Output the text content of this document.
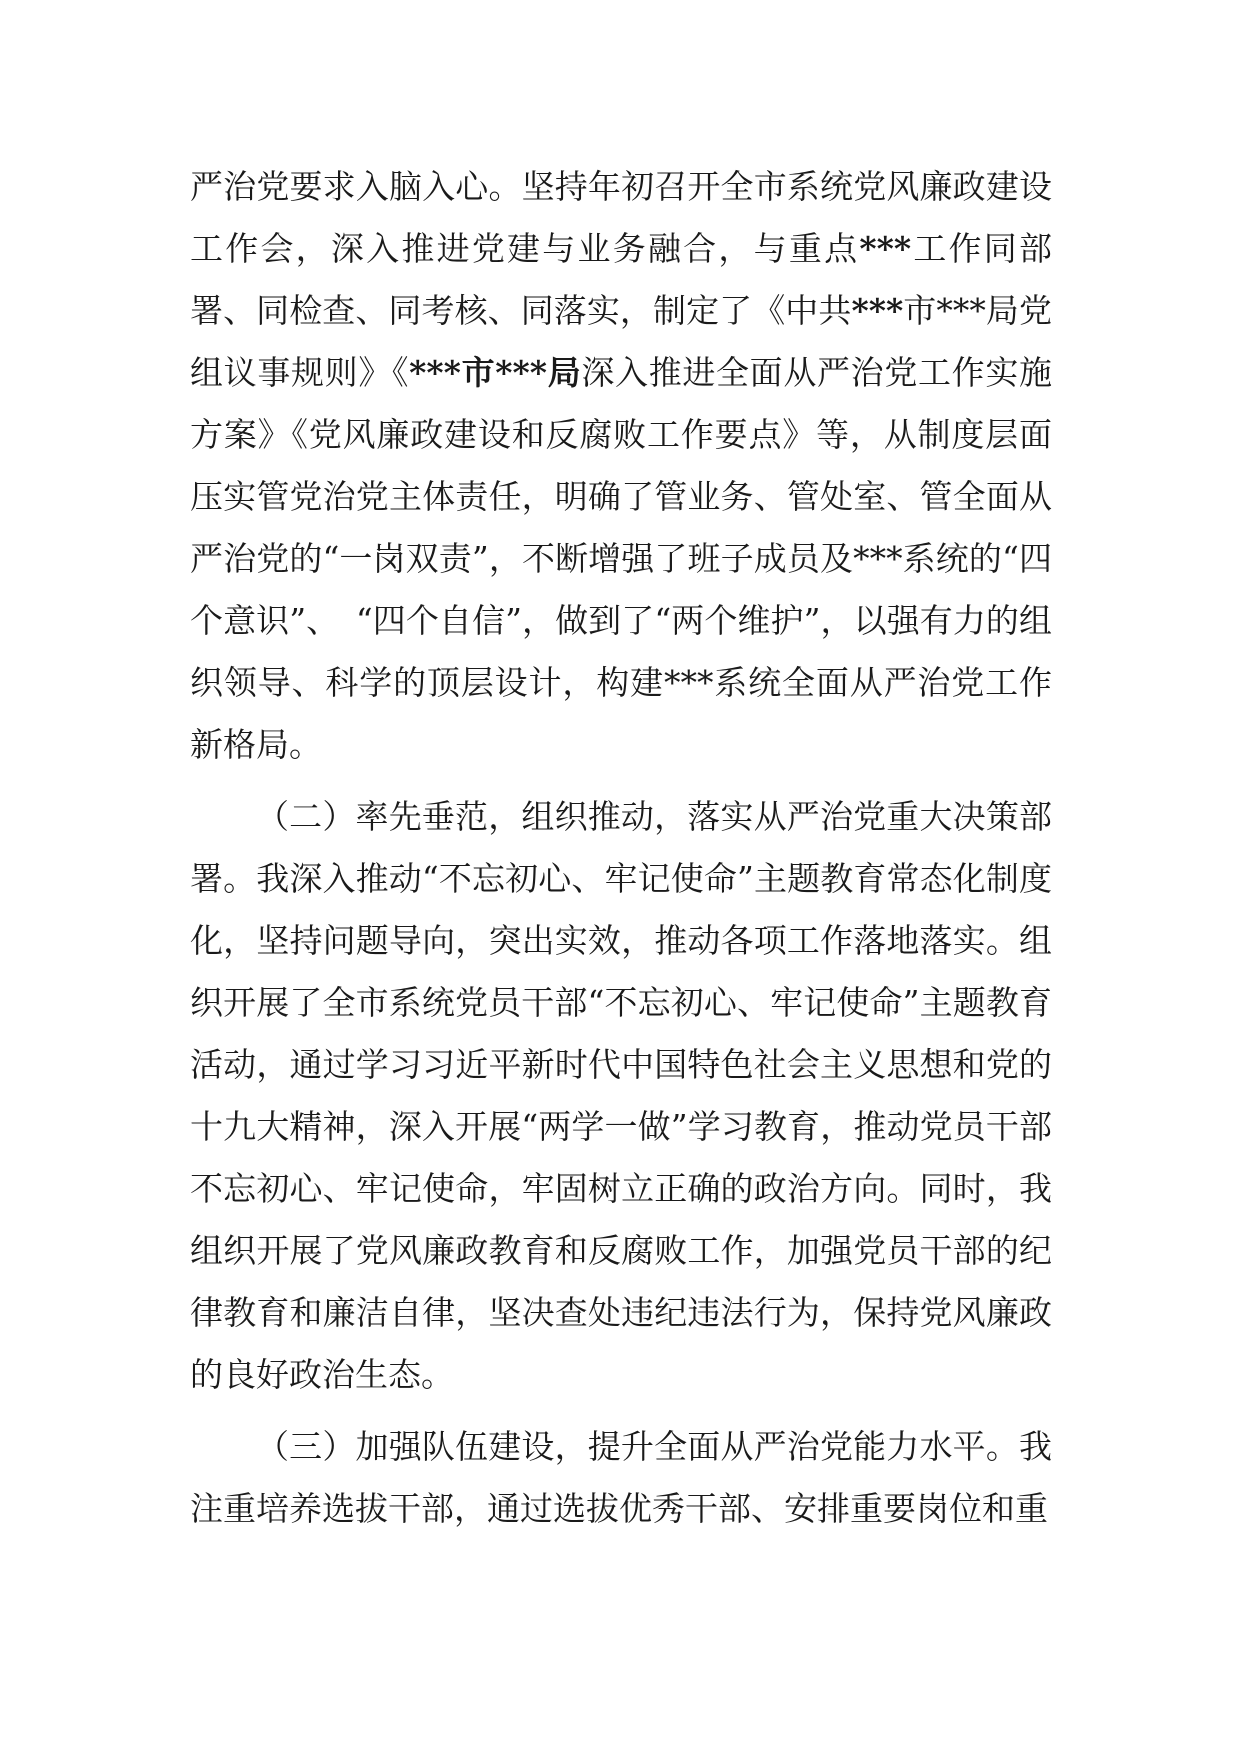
严治党要求入脑入心。坚持年初召开全市系统党风廉政建设工作会，深入推进党建与业务融合，与重点***工作同部署、同检查、同考核、同落实，制定了《中共***市***局党组议事规则》《***市***局深入推进全面从严治党工作实施方案》《党风廉政建设和反腐败工作要点》等，从制度层面压实管党治党主体责任，明确了管业务、管处室、管全面从严治党的“一岗双责”，不断增强了班子成员及***系统的“四个意识”、　“四个自信”，做到了“两个维护”，以强有力的组织领导、科学的顶层设计，构建***系统全面从严治党工作新格局。

（二）率先垂范，组织推动，落实从严治党重大决策部署。我深入推动“不忘初心、牢记使命”主题教育常态化制度化，坚持问题导向，突出实效，推动各项工作落地落实。组织开展了全市系统党员干部“不忘初心、牢记使命”主题教育活动，通过学习习近平新时代中国特色社会主义思想和党的十九大精神，深入开展“两学一做”学习教育，推动党员干部不忘初心、牢记使命，牢固树立正确的政治方向。同时，我组织开展了党风廉政教育和反腐败工作，加强党员干部的纪律教育和廉洁自律，坚决查处违纪违法行为，保持党风廉政的良好政治生态。

（三）加强队伍建设，提升全面从严治党能力水平。我注重培养选拔干部，通过选拔优秀干部、安排重要岗位和重
